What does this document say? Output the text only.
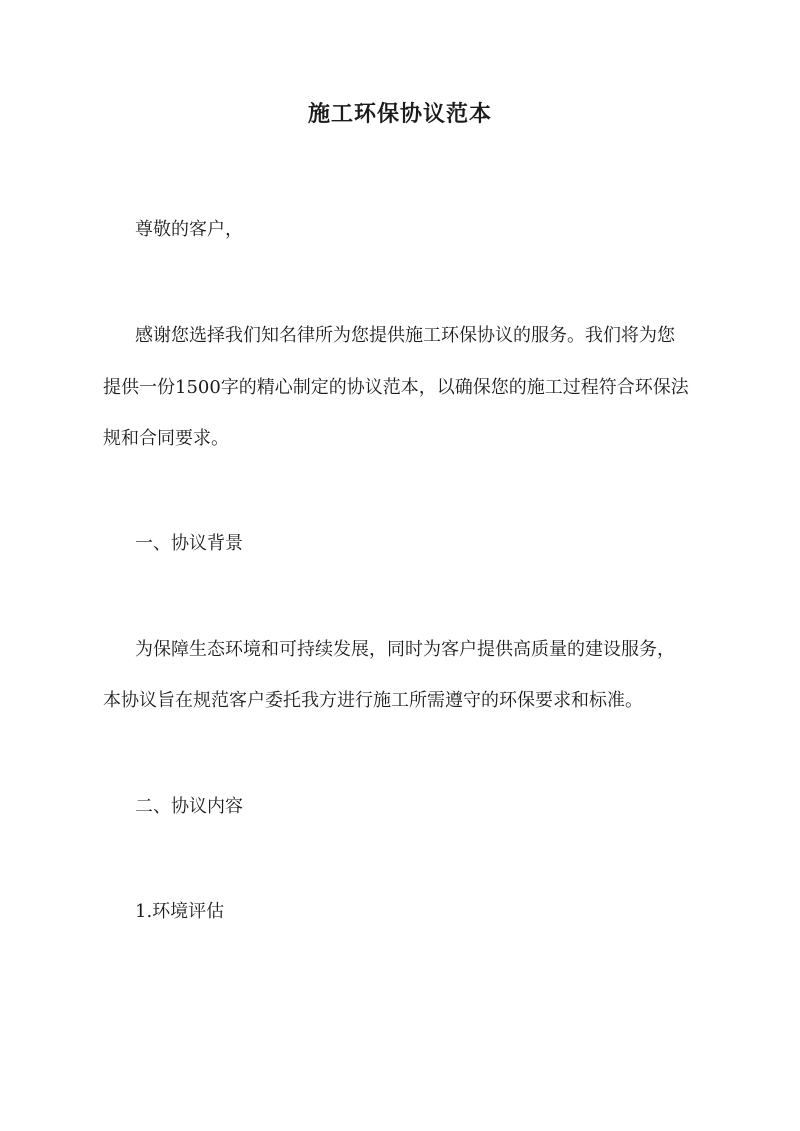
施工环保协议范本
尊敬的客户，
感谢您选择我们知名律所为您提供施工环保协议的服务。我们将为您
提供一份1500字的精心制定的协议范本，以确保您的施工过程符合环保法
规和合同要求。
一、协议背景
为保障生态环境和可持续发展，同时为客户提供高质量的建设服务，
本协议旨在规范客户委托我方进行施工所需遵守的环保要求和标准。
二、协议内容
1.环境评估
